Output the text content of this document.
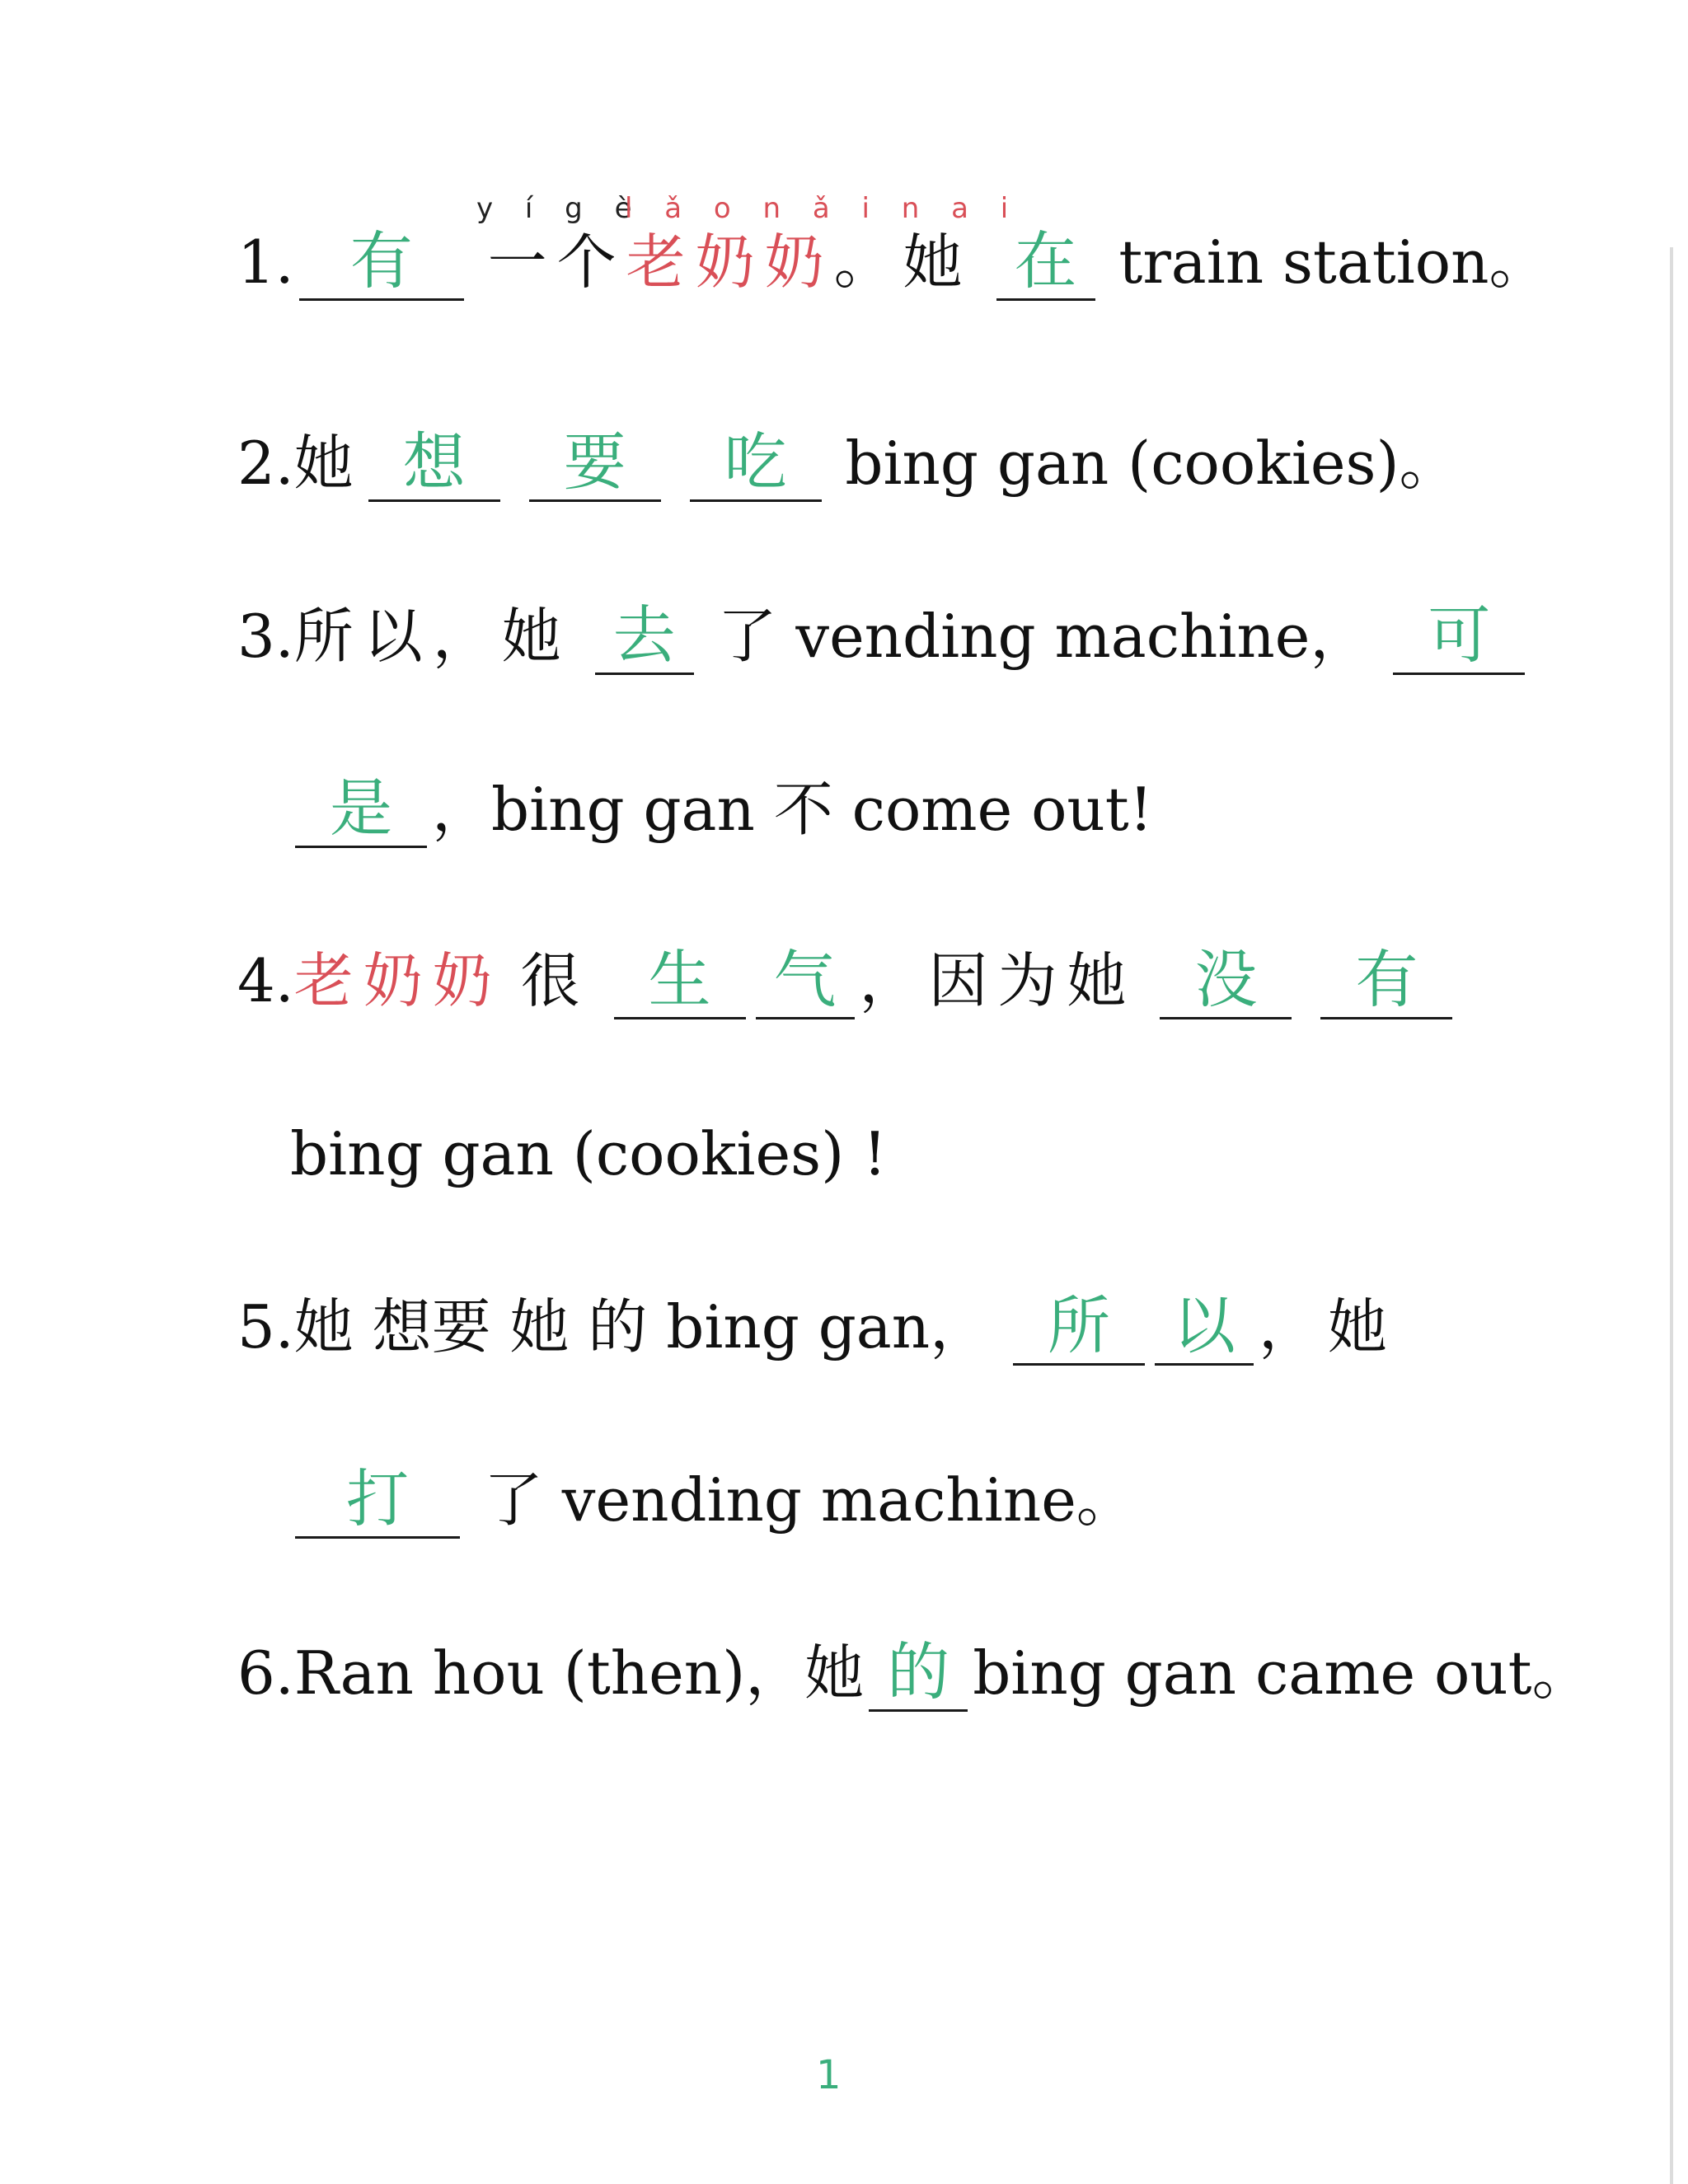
y í g è
l ǎ o n ǎ i n a i
1. 有 一个老奶奶。她 在 train station。
2.她 想 要 吃 bing gan (cookies)。
3.所以，她 去 了 vending machine， 可
是 ，bing gan 不 come out!
4.老奶奶 很 生 气 ，因为她 没 有
bing gan (cookies) !
5.她 想要 她 的 bing gan， 所 以 ，她
打 了 vending machine。
6.Ran hou (then)，她 的 bing gan came out。
1
